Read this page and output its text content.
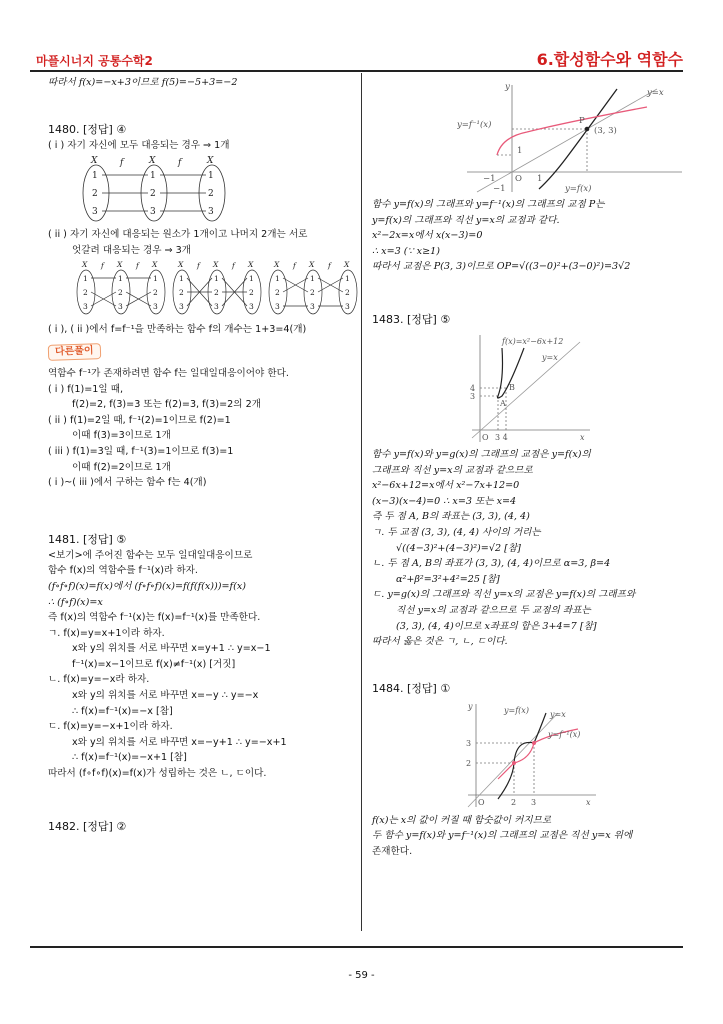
마플시너지 공통수학2	6.합성함수와 역함수

따라서 f(x)=−x+3이므로 f(5)=−5+3=−2

1480. [정답] ④

( i ) 자기 자신에 모두 대응되는 경우 ⇒ 1개

1
2
3
1
2
3
1
2
3
X	X	X
f	f

( ii ) 자기 자신에 대응되는 원소가 1개이고 나머지 2개는 서로

엇갈려 대응되는 경우 ⇒ 3개

1
2
3
1
2
3
1
2
3
1
2
3
1
2
3
1
2
3
1
2
3
1
2
3
1
2
3
X	X	X	X	X	X	X	X	X
f	f	f	f	f	f

( i ), ( ii )에서 f=f⁻¹을 만족하는 함수 f의 개수는 1+3=4(개)

다른풀이

역함수 f⁻¹가 존재하려면 함수 f는 일대일대응이어야 한다.

( i ) f(1)=1일 때,

f(2)=2, f(3)=3 또는 f(2)=3, f(3)=2의 2개

( ii ) f(1)=2일 때, f⁻¹(2)=1이므로 f(2)=1

이때 f(3)=3이므로 1개

( iii ) f(1)=3일 때, f⁻¹(3)=1이므로 f(3)=1

이때 f(2)=2이므로 1개

( i )~( iii )에서 구하는 함수 f는 4(개)

1481. [정답] ⑤

<보기>에 주어진 함수는 모두 일대일대응이므로

함수 f(x)의 역함수를 f⁻¹(x)라 하자.

(f∘f∘f)(x)=f(x)에서 (f∘f∘f)(x)=f(f(f(x)))=f(x)

∴ (f∘f)(x)=x

즉 f(x)의 역함수 f⁻¹(x)는 f(x)=f⁻¹(x)를 만족한다.

ㄱ. f(x)=y=x+1이라 하자.

x와 y의 위치를 서로 바꾸면 x=y+1 ∴ y=x−1

f⁻¹(x)=x−1이므로 f(x)≠f⁻¹(x) [거짓]

ㄴ. f(x)=y=−x라 하자.

x와 y의 위치를 서로 바꾸면 x=−y ∴ y=−x

∴ f(x)=f⁻¹(x)=−x [참]

ㄷ. f(x)=y=−x+1이라 하자.

x와 y의 위치를 서로 바꾸면 x=−y+1 ∴ y=−x+1

∴ f(x)=f⁻¹(x)=−x+1 [참]

따라서 (f∘f∘f)(x)=f(x)가 성립하는 것은 ㄴ, ㄷ이다.

1482. [정답] ②

y
y=x
y=f⁻¹(x)	P
(3, 3)
1
−1 O 1
y=f(x)
−1

함수 y=f(x)의 그래프와 y=f⁻¹(x)의 그래프의 교점 P는

y=f(x)의 그래프와 직선 y=x의 교점과 같다.

x²−2x=x에서 x(x−3)=0

∴ x=3 (∵ x≥1)

따라서 교점은 P(3, 3)이므로 OP=√((3−0)²+(3−0)²)=3√2

1483. [정답] ⑤

f(x)=x²−6x+12
y=x
B
A
4
3
O 3 4	x

함수 y=f(x)와 y=g(x)의 그래프의 교점은 y=f(x)의

그래프와 직선 y=x의 교점과 같으므로

x²−6x+12=x에서 x²−7x+12=0

(x−3)(x−4)=0 ∴ x=3 또는 x=4

즉 두 점 A, B의 좌표는 (3, 3), (4, 4)

ㄱ. 두 교점 (3, 3), (4, 4) 사이의 거리는

√((4−3)²+(4−3)²)=√2 [참]

ㄴ. 두 점 A, B의 좌표가 (3, 3), (4, 4)이므로 α=3, β=4

α²+β²=3²+4²=25 [참]

ㄷ. y=g(x)의 그래프와 직선 y=x의 교점은 y=f(x)의 그래프와

직선 y=x의 교점과 같으므로 두 교점의 좌표는

(3, 3), (4, 4)이므로 x좌표의 합은 3+4=7 [참]

따라서 옳은 것은 ㄱ, ㄴ, ㄷ이다.

1484. [정답] ①

y	y=f(x)	y=x
y=f⁻¹(x)
3
2
O	2 3	x

f(x)는 x의 값이 커질 때 함숫값이 커지므로

두 함수 y=f(x)와 y=f⁻¹(x)의 그래프의 교점은 직선 y=x 위에

존재한다.

- 59 -
